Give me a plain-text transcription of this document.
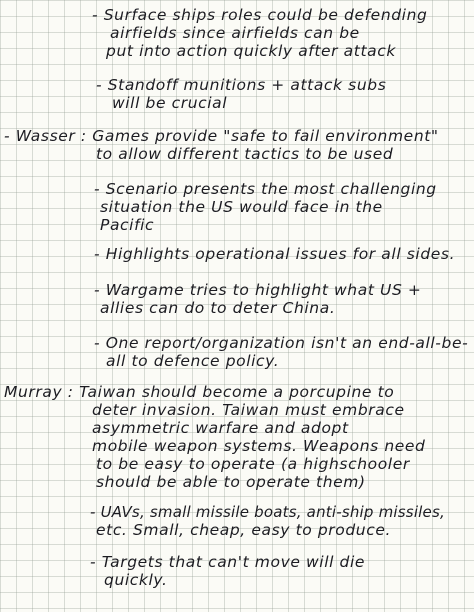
- Surface ships roles could be defending
airfields since airfields can be
put into action quickly after attack
- Standoff munitions + attack subs
will be crucial
- Wasser : Games provide "safe to fail environment"
to allow different tactics to be used
- Scenario presents the most challenging
situation the US would face in the
Pacific
- Highlights operational issues for all sides.
- Wargame tries to highlight what US +
allies can do to deter China.
- One report/organization isn't an end-all-be-
all to defence policy.
Murray : Taiwan should become a porcupine to
deter invasion. Taiwan must embrace
asymmetric warfare and adopt
mobile weapon systems. Weapons need
to be easy to operate (a highschooler
should be able to operate them)
- UAVs, small missile boats, anti-ship missiles,
etc. Small, cheap, easy to produce.
- Targets that can't move will die
quickly.
